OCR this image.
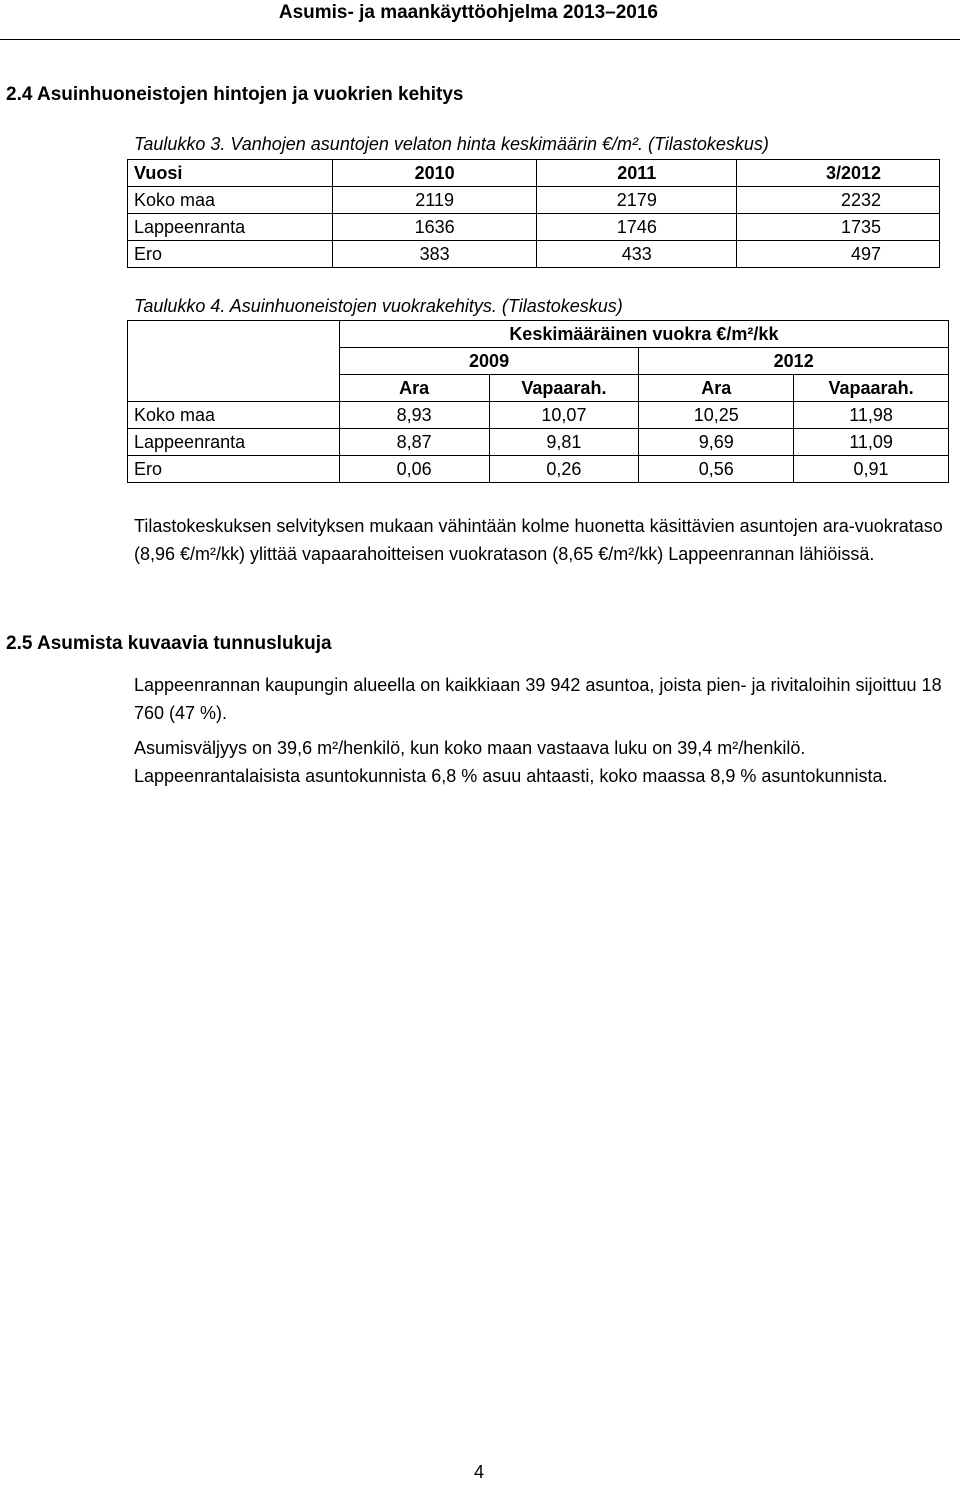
Asumis- ja maankäyttöohjelma 2013–2016
2.4 Asuinhuoneistojen hintojen ja vuokrien kehitys
Taulukko 3. Vanhojen asuntojen velaton hinta keskimäärin €/m². (Tilastokeskus)
Vuosi	2010	2011	3/2012
Koko maa	2119	2179	2232
Lappeenranta	1636	1746	1735
Ero	383	433	497
Taulukko 4. Asuinhuoneistojen vuokrakehitys. (Tilastokeskus)
	Keskimääräinen vuokra €/m²/kk			
	2009		2012	
	Ara	Vapaarah.	Ara	Vapaarah.
Koko maa	8,93	10,07	10,25	11,98
Lappeenranta	8,87	9,81	9,69	11,09
Ero	0,06	0,26	0,56	0,91
Tilastokeskuksen selvityksen mukaan vähintään kolme huonetta käsittävien asuntojen ara-vuokrataso (8,96 €/m²/kk) ylittää vapaarahoitteisen vuokratason (8,65 €/m²/kk) Lappeenrannan lähiöissä.
2.5 Asumista kuvaavia tunnuslukuja
Lappeenrannan kaupungin alueella on kaikkiaan 39 942 asuntoa, joista pien- ja rivitaloihin sijoittuu 18 760 (47 %).
Asumisväljyys on 39,6 m²/henkilö, kun koko maan vastaava luku on 39,4 m²/henkilö. Lappeenrantalaisista asuntokunnista 6,8 % asuu ahtaasti, koko maassa 8,9 % asuntokunnista.
4
